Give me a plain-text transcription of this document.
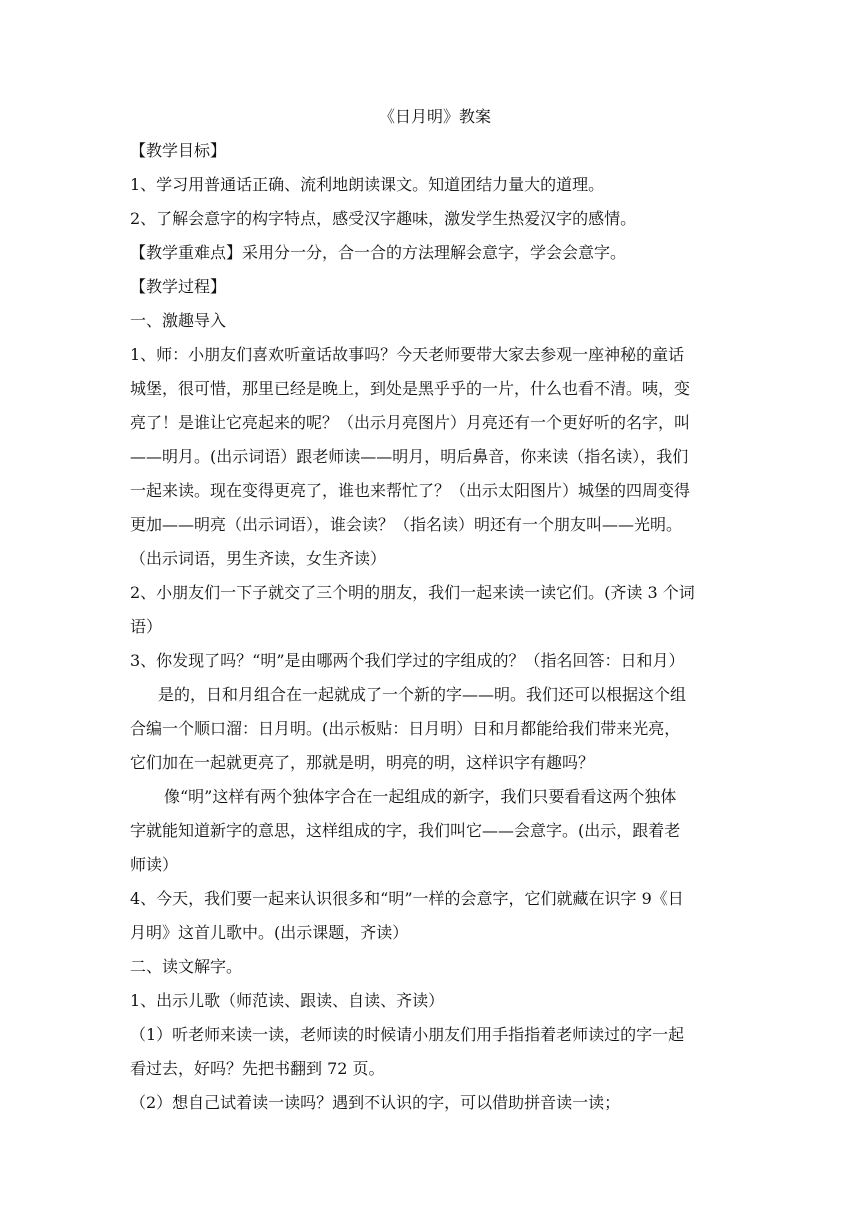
《日月明》教案

【教学目标】

1、学习用普通话正确、流利地朗读课文。知道团结力量大的道理。

2、了解会意字的构字特点，感受汉字趣味，激发学生热爱汉字的感情。

【教学重难点】采用分一分，合一合的方法理解会意字，学会会意字。

【教学过程】

一、激趣导入

1、师：小朋友们喜欢听童话故事吗？今天老师要带大家去参观一座神秘的童话

城堡，很可惜，那里已经是晚上，到处是黑乎乎的一片，什么也看不清。咦，变

亮了！是谁让它亮起来的呢？（出示月亮图片）月亮还有一个更好听的名字，叫

——明月。(出示词语）跟老师读——明月，明后鼻音，你来读（指名读），我们

一起来读。现在变得更亮了，谁也来帮忙了？（出示太阳图片）城堡的四周变得

更加——明亮（出示词语），谁会读？（指名读）明还有一个朋友叫——光明。

（出示词语，男生齐读，女生齐读）

2、小朋友们一下子就交了三个明的朋友，我们一起来读一读它们。(齐读 3 个词

语）

3、你发现了吗？“明”是由哪两个我们学过的字组成的？（指名回答：日和月）

是的，日和月组合在一起就成了一个新的字——明。我们还可以根据这个组

合编一个顺口溜：日月明。(出示板贴：日月明）日和月都能给我们带来光亮，

它们加在一起就更亮了，那就是明，明亮的明，这样识字有趣吗？

像“明”这样有两个独体字合在一起组成的新字，我们只要看看这两个独体

字就能知道新字的意思，这样组成的字，我们叫它——会意字。(出示，跟着老

师读）

4、今天，我们要一起来认识很多和“明”一样的会意字，它们就藏在识字 9《日

月明》这首儿歌中。(出示课题，齐读）

二、读文解字。

1、出示儿歌（师范读、跟读、自读、齐读）

（1）听老师来读一读，老师读的时候请小朋友们用手指指着老师读过的字一起

看过去，好吗？先把书翻到 72 页。

（2）想自己试着读一读吗？遇到不认识的字，可以借助拼音读一读；
